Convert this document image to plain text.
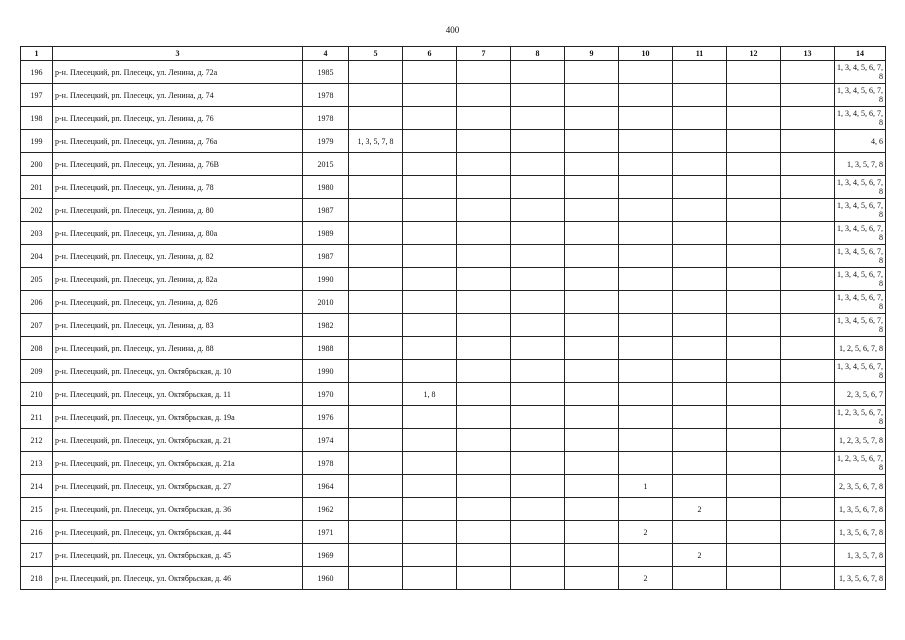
400
1	3	4	5	6	7	8	9	10	11	12	13	14
196	р-н. Плесецкий, рп. Плесецк, ул. Ленина, д. 72а	1985										1, 3, 4, 5, 6, 7, 8
197	р-н. Плесецкий, рп. Плесецк, ул. Ленина, д. 74	1978										1, 3, 4, 5, 6, 7, 8
198	р-н. Плесецкий, рп. Плесецк, ул. Ленина, д. 76	1978										1, 3, 4, 5, 6, 7, 8
199	р-н. Плесецкий, рп. Плесецк, ул. Ленина, д. 76а	1979	1, 3, 5, 7, 8									4, 6
200	р-н. Плесецкий, рп. Плесецк, ул. Ленина, д. 76В	2015										1, 3, 5, 7, 8
201	р-н. Плесецкий, рп. Плесецк, ул. Ленина, д. 78	1980										1, 3, 4, 5, 6, 7, 8
202	р-н. Плесецкий, рп. Плесецк, ул. Ленина, д. 80	1987										1, 3, 4, 5, 6, 7, 8
203	р-н. Плесецкий, рп. Плесецк, ул. Ленина, д. 80а	1989										1, 3, 4, 5, 6, 7, 8
204	р-н. Плесецкий, рп. Плесецк, ул. Ленина, д. 82	1987										1, 3, 4, 5, 6, 7, 8
205	р-н. Плесецкий, рп. Плесецк, ул. Ленина, д. 82а	1990										1, 3, 4, 5, 6, 7, 8
206	р-н. Плесецкий, рп. Плесецк, ул. Ленина, д. 82б	2010										1, 3, 4, 5, 6, 7, 8
207	р-н. Плесецкий, рп. Плесецк, ул. Ленина, д. 83	1982										1, 3, 4, 5, 6, 7, 8
208	р-н. Плесецкий, рп. Плесецк, ул. Ленина, д. 88	1988										1, 2, 5, 6, 7, 8
209	р-н. Плесецкий, рп. Плесецк, ул. Октябрьская, д. 10	1990										1, 3, 4, 5, 6, 7, 8
210	р-н. Плесецкий, рп. Плесецк, ул. Октябрьская, д. 11	1970		1, 8								2, 3, 5, 6, 7
211	р-н. Плесецкий, рп. Плесецк, ул. Октябрьская, д. 19а	1976										1, 2, 3, 5, 6, 7, 8
212	р-н. Плесецкий, рп. Плесецк, ул. Октябрьская, д. 21	1974										1, 2, 3, 5, 7, 8
213	р-н. Плесецкий, рп. Плесецк, ул. Октябрьская, д. 21а	1978										1, 2, 3, 5, 6, 7, 8
214	р-н. Плесецкий, рп. Плесецк, ул. Октябрьская, д. 27	1964						1				2, 3, 5, 6, 7, 8
215	р-н. Плесецкий, рп. Плесецк, ул. Октябрьская, д. 36	1962							2			1, 3, 5, 6, 7, 8
216	р-н. Плесецкий, рп. Плесецк, ул. Октябрьская, д. 44	1971						2				1, 3, 5, 6, 7, 8
217	р-н. Плесецкий, рп. Плесецк, ул. Октябрьская, д. 45	1969							2			1, 3, 5, 7, 8
218	р-н. Плесецкий, рп. Плесецк, ул. Октябрьская, д. 46	1960						2				1, 3, 5, 6, 7, 8
